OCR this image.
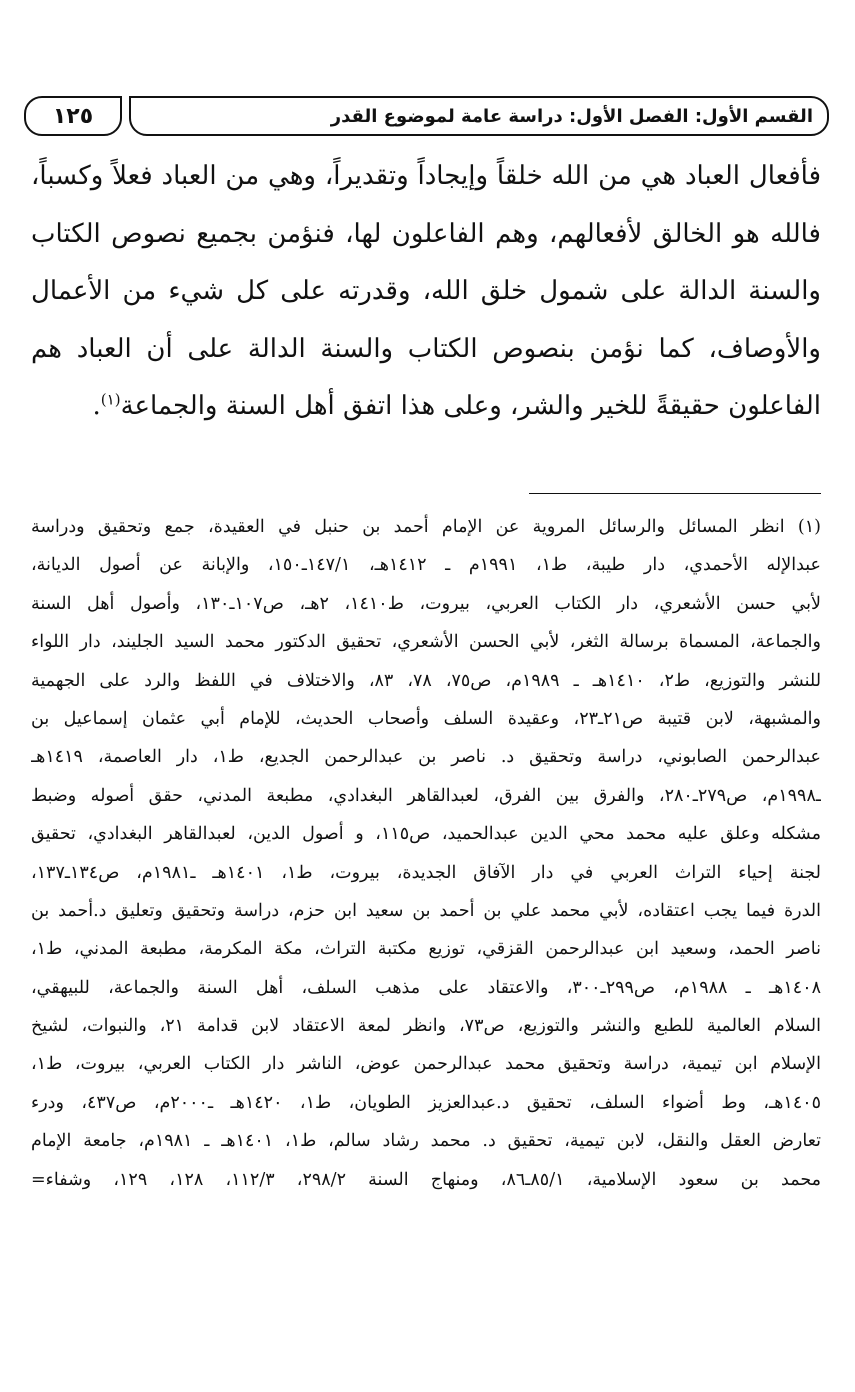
القسم الأول: الفصل الأول: دراسة عامة لموضوع القدر
١٢٥
فأفعال العباد هي من الله خلقاً وإيجاداً وتقديراً، وهي من العباد فعلاً وكسباً،
فالله هو الخالق لأفعالهم، وهم الفاعلون لها، فنؤمن بجميع نصوص الكتاب
والسنة الدالة على شمول خلق الله، وقدرته على كل شيء من الأعمال
والأوصاف، كما نؤمن بنصوص الكتاب والسنة الدالة على أن العباد هم
الفاعلون حقيقةً للخير والشر، وعلى هذا اتفق أهل السنة والجماعة$^{(١)}$.
(١) انظر المسائل والرسائل المروية عن الإمام أحمد بن حنبل في العقيدة، جمع وتحقيق ودراسة
عبدالإله الأحمدي، دار طيبة، ط١، ١٩٩١م ـ ١٤١٢هـ، ١٤٧/١ـ١٥٠، والإبانة عن أصول الديانة،
لأبي حسن الأشعري، دار الكتاب العربي، بيروت، ط١٤١٠، ٢هـ، ص١٠٧ـ١٣٠، وأصول أهل السنة
والجماعة، المسماة برسالة الثغر، لأبي الحسن الأشعري، تحقيق الدكتور محمد السيد الجليند، دار اللواء
للنشر والتوزيع، ط٢، ١٤١٠هـ ـ ١٩٨٩م، ص٧٥، ٧٨، ٨٣، والاختلاف في اللفظ والرد على الجهمية
والمشبهة، لابن قتيبة ص٢١ـ٢٣، وعقيدة السلف وأصحاب الحديث، للإمام أبي عثمان إسماعيل بن
عبدالرحمن الصابوني، دراسة وتحقيق د. ناصر بن عبدالرحمن الجديع، ط١، دار العاصمة، ١٤١٩هـ
ـ١٩٩٨م، ص٢٧٩ـ٢٨٠، والفرق بين الفرق، لعبدالقاهر البغدادي، مطبعة المدني، حقق أصوله وضبط
مشكله وعلق عليه محمد محي الدين عبدالحميد، ص١١٥، و أصول الدين، لعبدالقاهر البغدادي، تحقيق
لجنة إحياء التراث العربي في دار الآفاق الجديدة، بيروت، ط١، ١٤٠١هـ ـ١٩٨١م، ص١٣٤ـ١٣٧،
الدرة فيما يجب اعتقاده، لأبي محمد علي بن أحمد بن سعيد ابن حزم، دراسة وتحقيق وتعليق د.أحمد بن
ناصر الحمد، وسعيد ابن عبدالرحمن القزقي، توزيع مكتبة التراث، مكة المكرمة، مطبعة المدني، ط١،
١٤٠٨هـ ـ ١٩٨٨م، ص٢٩٩ـ٣٠٠، والاعتقاد على مذهب السلف، أهل السنة والجماعة، للبيهقي،
السلام العالمية للطبع والنشر والتوزيع، ص٧٣، وانظر لمعة الاعتقاد لابن قدامة ٢١، والنبوات، لشيخ
الإسلام ابن تيمية، دراسة وتحقيق محمد عبدالرحمن عوض، الناشر دار الكتاب العربي، بيروت، ط١،
١٤٠٥هـ، وط أضواء السلف، تحقيق د.عبدالعزيز الطويان، ط١، ١٤٢٠هـ ـ٢٠٠٠م، ص٤٣٧، ودرء
تعارض العقل والنقل، لابن تيمية، تحقيق د. محمد رشاد سالم، ط١، ١٤٠١هـ ـ ١٩٨١م، جامعة الإمام
محمد بن سعود الإسلامية، ٨٥/١ـ٨٦، ومنهاج السنة ٢٩٨/٢، ١١٢/٣، ١٢٨، ١٢٩، وشفاء=
